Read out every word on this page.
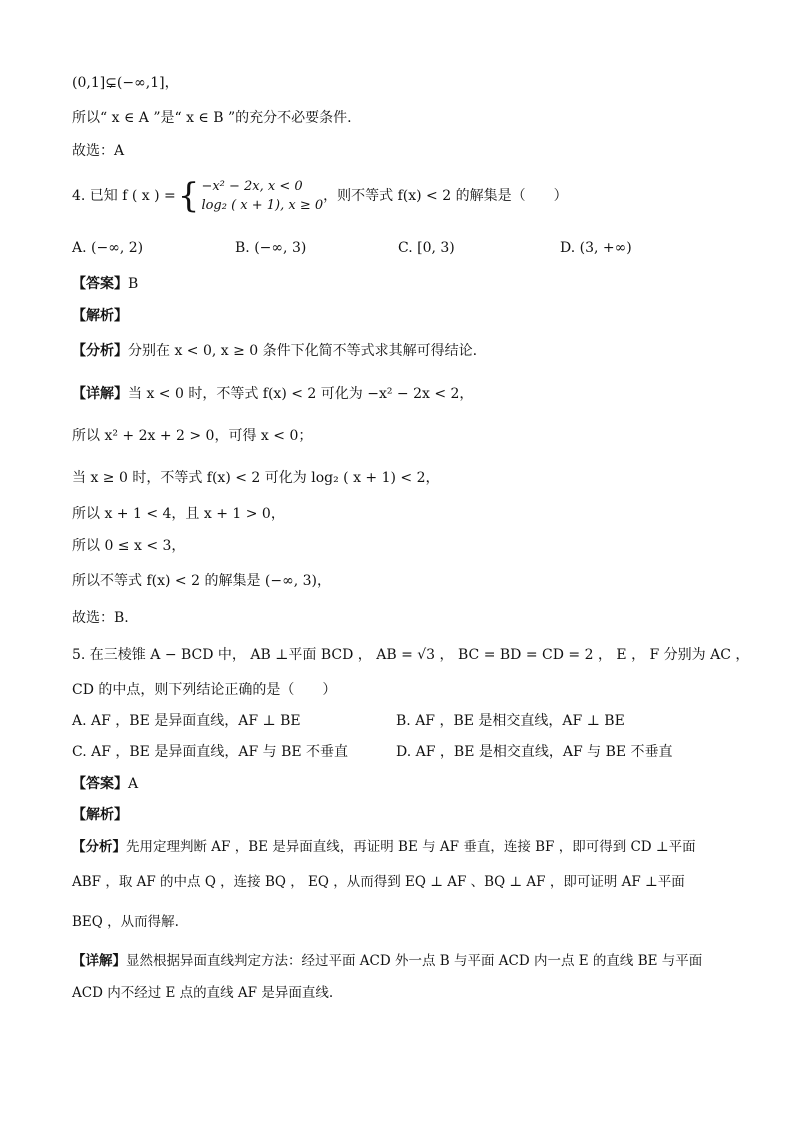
(0,1]⊊(−∞,1]，
所以“ x ∈ A ”是“ x ∈ B ”的充分不必要条件.
故选：A
4. 已知 f ( x ) ={ −x² − 2x, x < 0
log₂ ( x + 1), x ≥ 0
，则不等式 f(x) < 2 的解集是（　　）
A. (−∞, 2)	B. (−∞, 3)	C. [0, 3)	D. (3, +∞)
【答案】B
【解析】
【分析】分别在 x < 0, x ≥ 0 条件下化简不等式求其解可得结论.
【详解】当 x < 0 时，不等式 f(x) < 2 可化为 −x² − 2x < 2，
所以 x² + 2x + 2 > 0，可得 x < 0；
当 x ≥ 0 时，不等式 f(x) < 2 可化为 log₂ ( x + 1) < 2，
所以 x + 1 < 4，且 x + 1 > 0，
所以 0 ≤ x < 3，
所以不等式 f(x) < 2 的解集是 (−∞, 3)，
故选：B.
5. 在三棱锥 A − BCD 中， AB ⊥平面 BCD ， AB = √3 ， BC = BD = CD = 2 ， E ， F 分别为 AC ，
CD 的中点，则下列结论正确的是（　　）
A. AF ，BE 是异面直线，AF ⊥ BE	B. AF ，BE 是相交直线，AF ⊥ BE
C. AF ，BE 是异面直线，AF 与 BE 不垂直	D. AF ，BE 是相交直线，AF 与 BE 不垂直
【答案】A
【解析】
【分析】先用定理判断 AF ，BE 是异面直线，再证明 BE 与 AF 垂直，连接 BF ，即可得到 CD ⊥平面
ABF ，取 AF 的中点 Q ，连接 BQ ， EQ ，从而得到 EQ ⊥ AF 、BQ ⊥ AF ，即可证明 AF ⊥平面
BEQ ，从而得解.
【详解】显然根据异面直线判定方法：经过平面 ACD 外一点 B 与平面 ACD 内一点 E 的直线 BE 与平面
ACD 内不经过 E 点的直线 AF 是异面直线.
